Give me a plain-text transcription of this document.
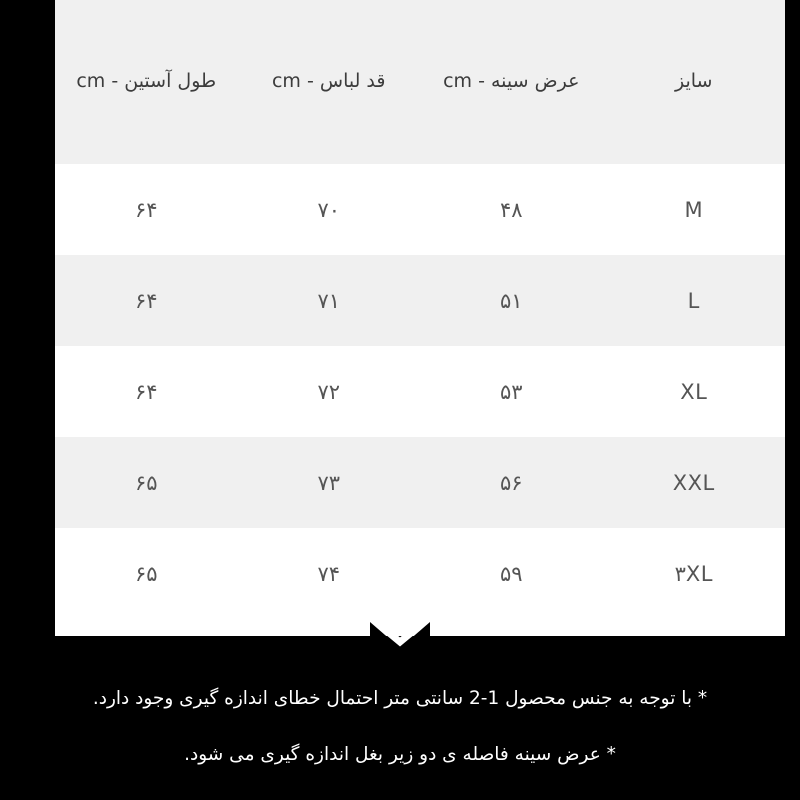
سایز	عرض سینه - cm	قد لباس - cm	طول آستین - cm
M	۴۸	۷۰	۶۴
L	۵۱	۷۱	۶۴
XL	۵۳	۷۲	۶۴
XXL	۵۶	۷۳	۶۵
۳XL	۵۹	۷۴	۶۵
* با توجه به جنس محصول 1-2 سانتی متر احتمال خطای اندازه گیری وجود دارد.
* عرض سینه فاصله ی دو زیر بغل اندازه گیری می شود.
